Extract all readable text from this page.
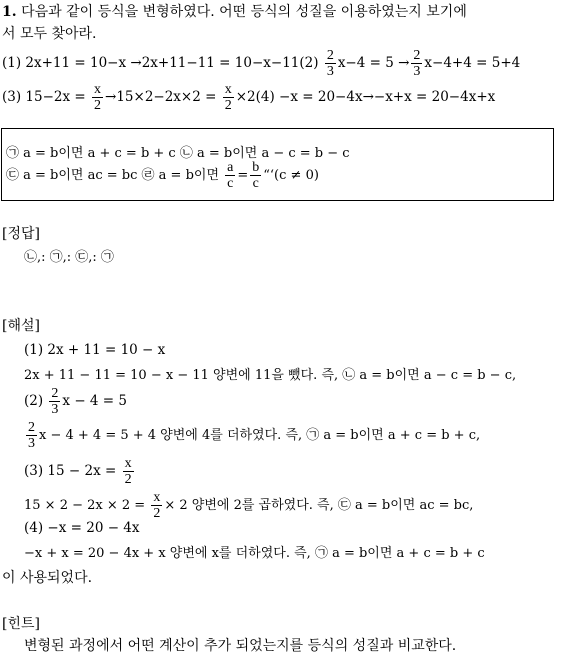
1. 다음과 같이 등식을 변형하였다. 어떤 등식의 성질을 이용하였는지 보기에
서 모두 찾아라.
(1) $2x+11 = 10-x \to 2x+11-11 = 10-x-11(2) \frac{2}{3} x-4 = 5 \to \frac{2}{3} x-4+4 = 5+4$
(3) $15-2x = \frac{x}{2} \to 15\times 2-2x\times 2 = \frac{x}{2} \times 2(4) -x = 20-4x\to-x+x = 20-4x+x$
㉠ a = b이면 a + c = b + c ㉡ a = b이면 a − c = b − c
㉢ a = b이면 ac = bc ㉣ a = b이면 $\frac{a}{c} = \frac{b}{c}$ “‘(c ≠ 0)
[정답]
㉡,: ㉠,: ㉢,: ㉠
[해설]
(1) 2x + 11 = 10 − x
2x + 11 − 11 = 10 − x − 11 양변에 11을 뺐다. 즉, ㉡ a = b이면 a − c = b − c,
$(2) \frac{2}{3}$ x − 4 = 5
$\frac{2}{3}$ x − 4 + 4 = 5 + 4 양변에 4를 더하였다. 즉, ㉠ a = b이면 a + c = b + c,
(3) $15 - 2x = \frac{x}{2}$
$15 \times 2 - 2x \times 2 = \frac{x}{2} \times 2$ 양변에 2를 곱하였다. 즉, ㉢ a = b이면 ac = bc,
(4) −x = 20 − 4x
−x + x = 20 − 4x + x 양변에 x를 더하였다. 즉, ㉠ a = b이면 a + c = b + c
이 사용되었다.
[힌트]
변형된 과정에서 어떤 계산이 추가 되었는지를 등식의 성질과 비교한다.
